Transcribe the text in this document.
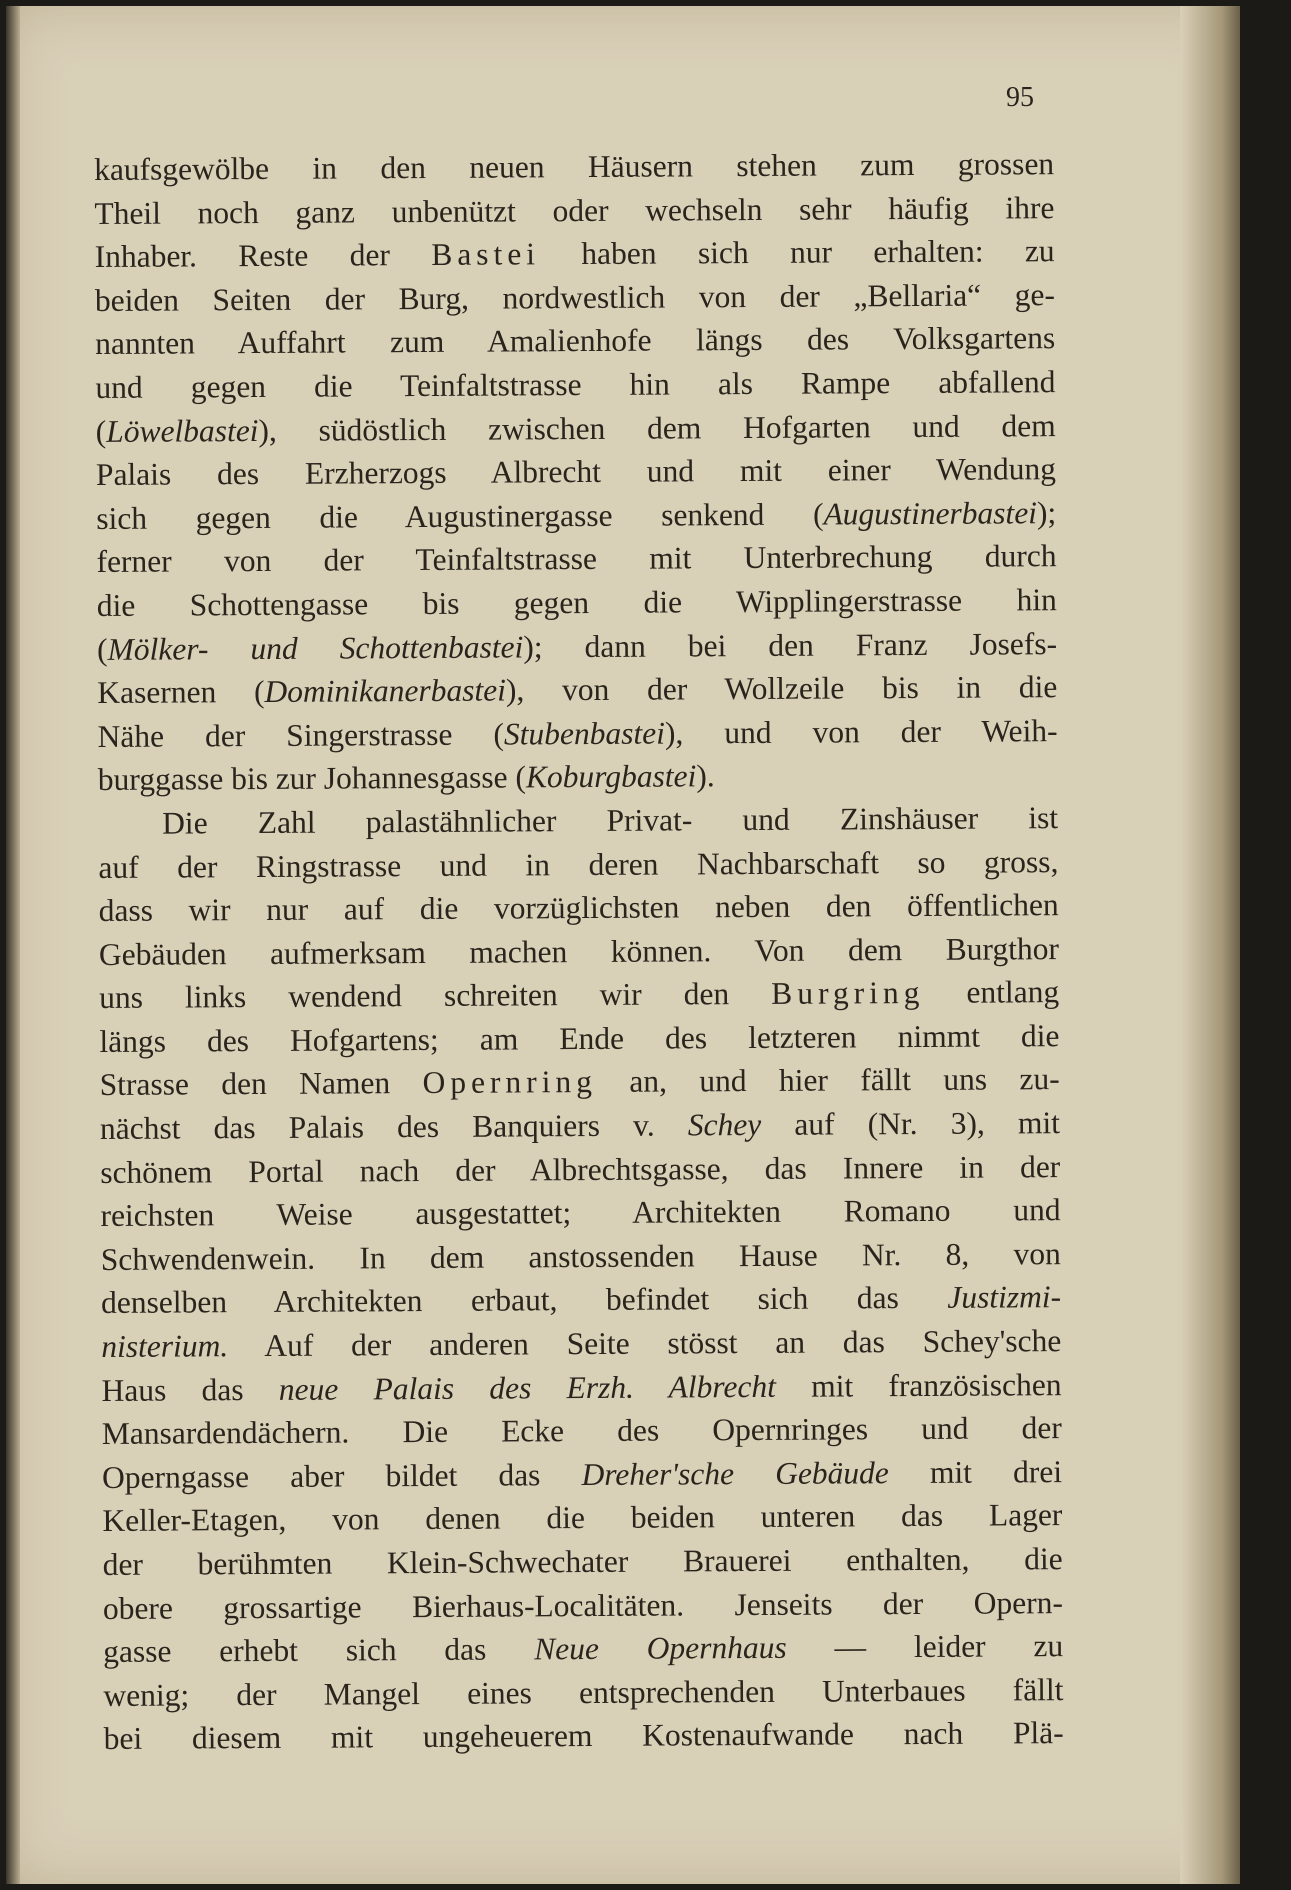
95
kaufsgewölbe in den neuen Häusern stehen zum grossen
Theil noch ganz unbenützt oder wechseln sehr häufig ihre
Inhaber. Reste der Bastei haben sich nur erhalten: zu
beiden Seiten der Burg, nordwestlich von der „Bellaria“ ge-
nannten Auffahrt zum Amalienhofe längs des Volksgartens
und gegen die Teinfaltstrasse hin als Rampe abfallend
(Löwelbastei), südöstlich zwischen dem Hofgarten und dem
Palais des Erzherzogs Albrecht und mit einer Wendung
sich gegen die Augustinergasse senkend (Augustinerbastei);
ferner von der Teinfaltstrasse mit Unterbrechung durch
die Schottengasse bis gegen die Wipplingerstrasse hin
(Mölker- und Schottenbastei); dann bei den Franz Josefs-
Kasernen (Dominikanerbastei), von der Wollzeile bis in die
Nähe der Singerstrasse (Stubenbastei), und von der Weih-
burggasse bis zur Johannesgasse (Koburgbastei).
Die Zahl palastähnlicher Privat- und Zinshäuser ist
auf der Ringstrasse und in deren Nachbarschaft so gross,
dass wir nur auf die vorzüglichsten neben den öffentlichen
Gebäuden aufmerksam machen können. Von dem Burgthor
uns links wendend schreiten wir den Burgring entlang
längs des Hofgartens; am Ende des letzteren nimmt die
Strasse den Namen Opernring an, und hier fällt uns zu-
nächst das Palais des Banquiers v. Schey auf (Nr. 3), mit
schönem Portal nach der Albrechtsgasse, das Innere in der
reichsten Weise ausgestattet; Architekten Romano und
Schwendenwein. In dem anstossenden Hause Nr. 8, von
denselben Architekten erbaut, befindet sich das Justizmi-
nisterium. Auf der anderen Seite stösst an das Schey'sche
Haus das neue Palais des Erzh. Albrecht mit französischen
Mansardendächern. Die Ecke des Opernringes und der
Operngasse aber bildet das Dreher'sche Gebäude mit drei
Keller-Etagen, von denen die beiden unteren das Lager
der berühmten Klein-Schwechater Brauerei enthalten, die
obere grossartige Bierhaus-Localitäten. Jenseits der Opern-
gasse erhebt sich das Neue Opernhaus — leider zu
wenig; der Mangel eines entsprechenden Unterbaues fällt
bei diesem mit ungeheuerem Kostenaufwande nach Plä-
